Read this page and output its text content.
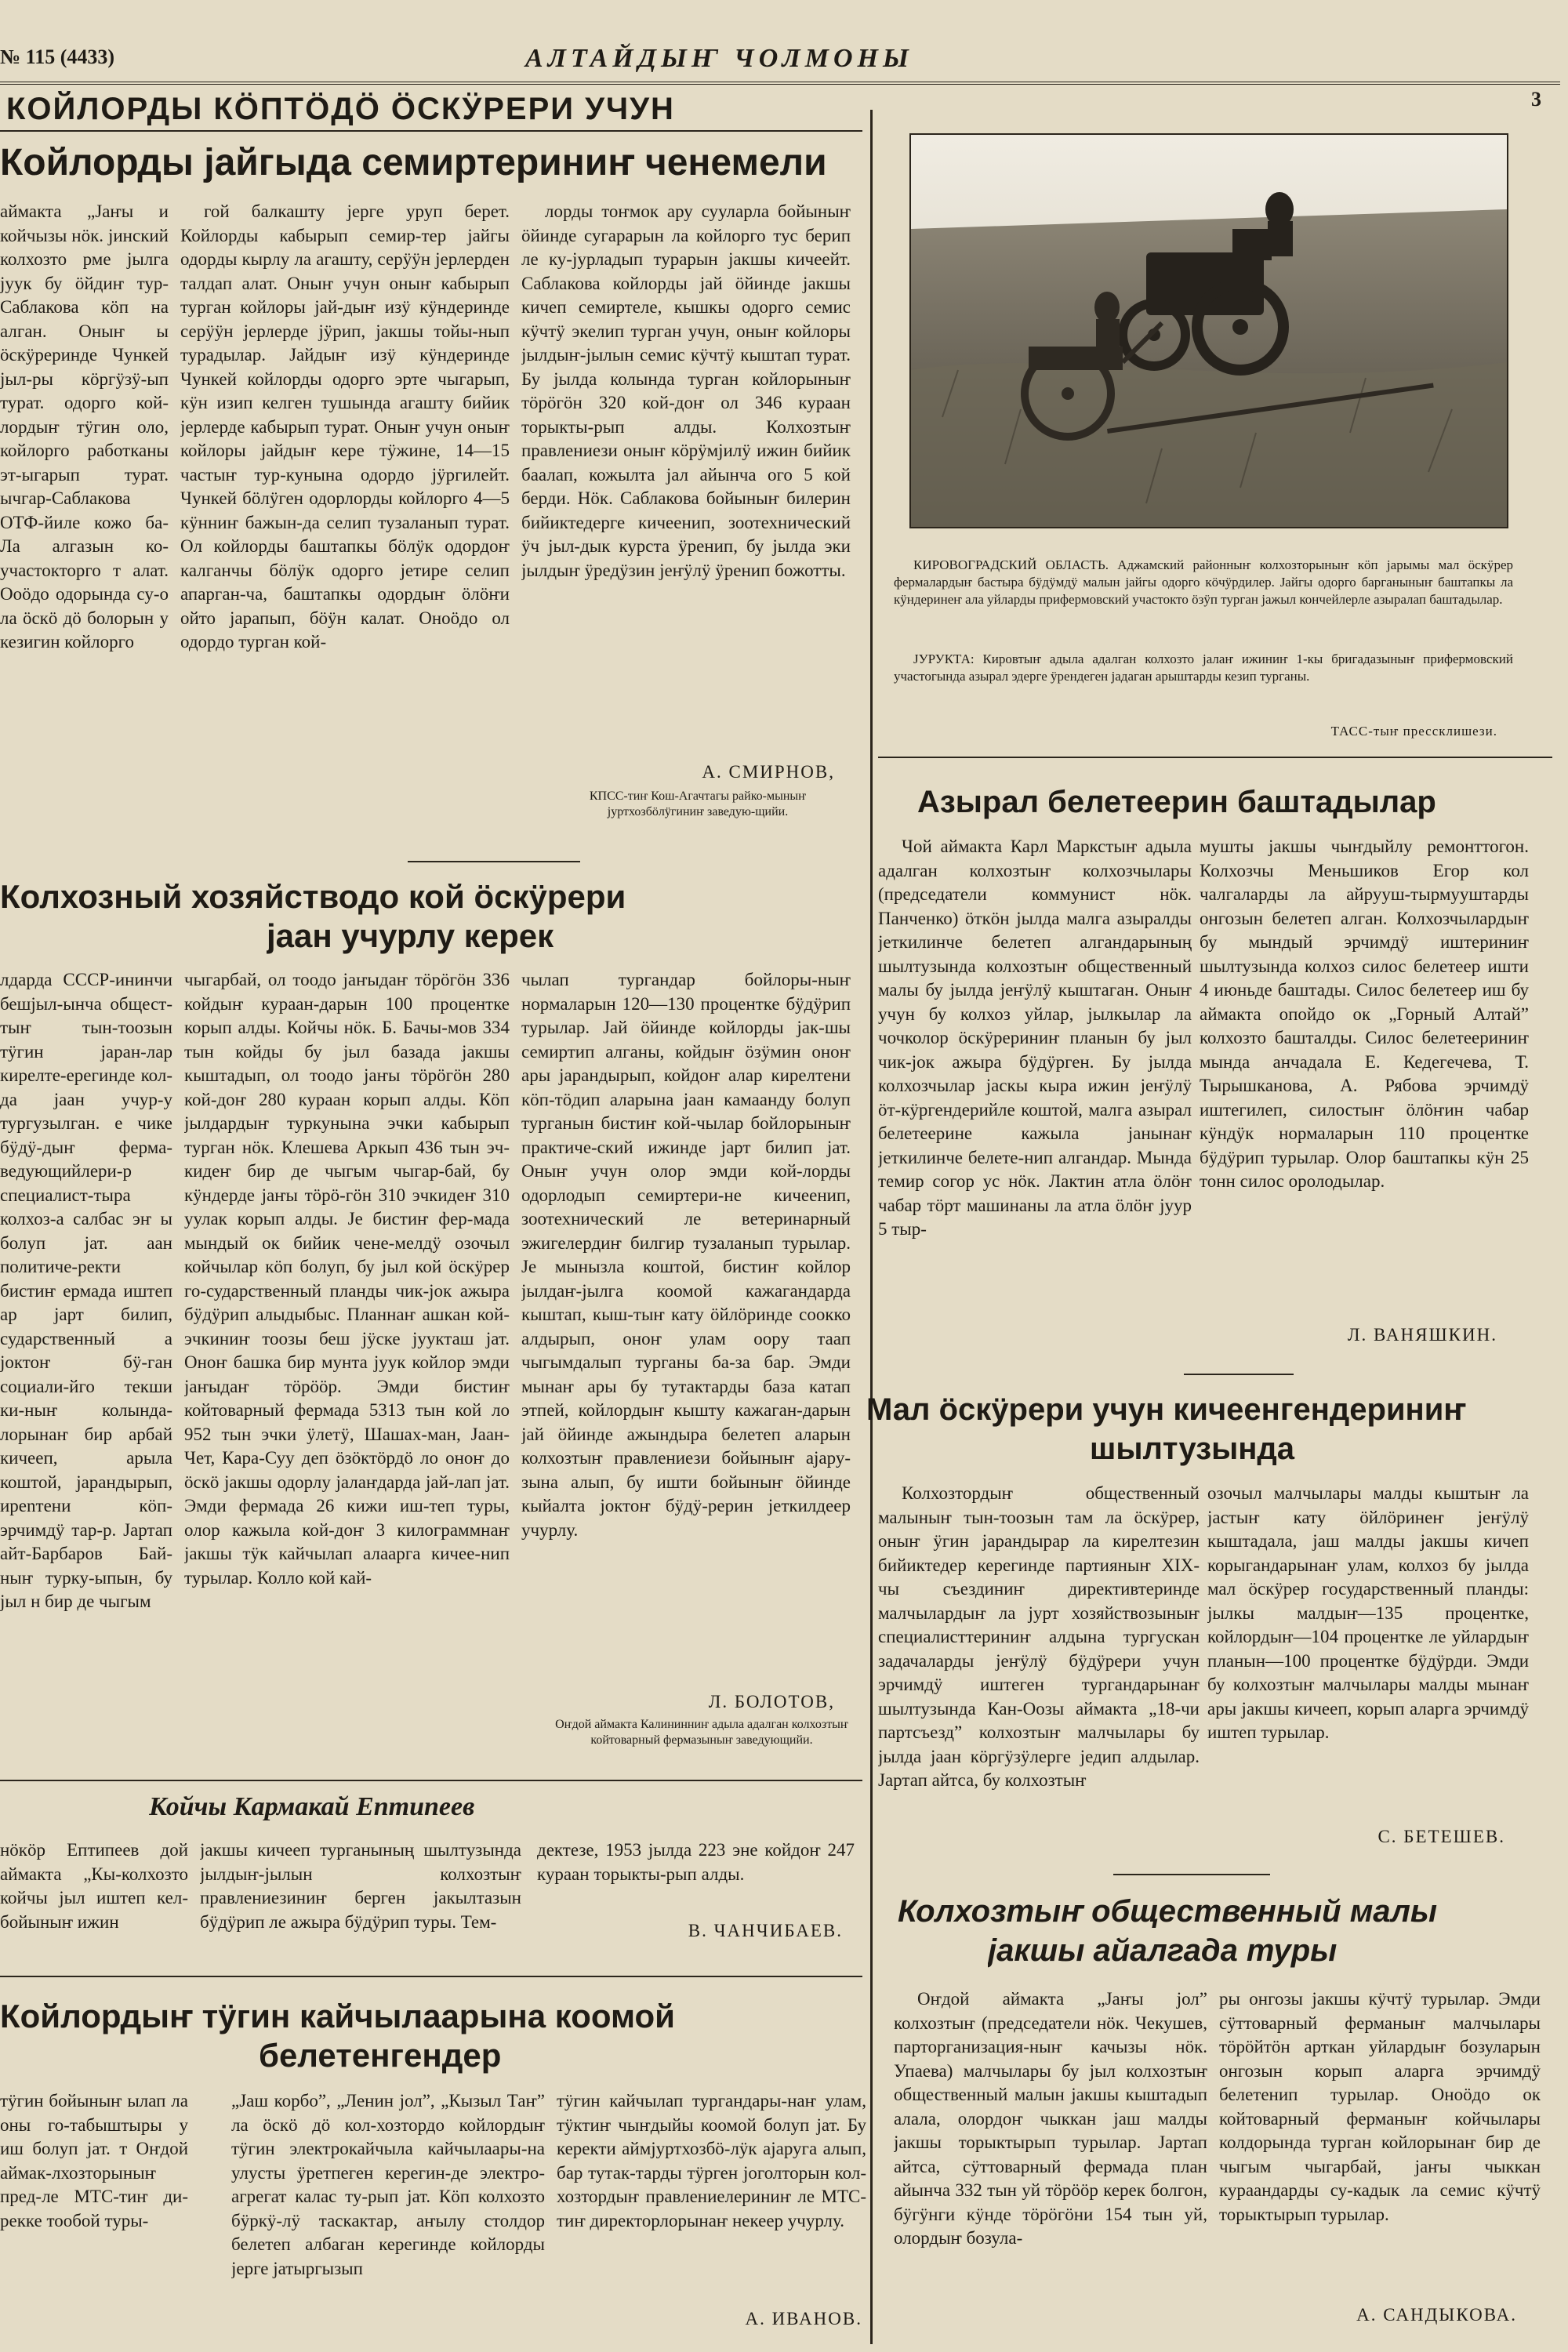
№ 115 (4433)	АЛТАЙДЫҤ ЧОЛМОНЫ
3
КОЙЛОРДЫ КӦПТӦДӦ ӦСКӰРЕРИ УЧУН
Койлорды jайгыда семиртериниҥ ченемели
аймакта „Jаҥы и койчызы нӧк. jинский колхозто рме jылга jуук бу ӧйдиҥ тур-Саблакова кӧп на алган. Оныҥ ы ӧскӱреринде Чункей jыл-ры кӧргӱзӱ-ып турат. одорго кой-лордыҥ тӱгин оло, койлорго работканы эт-ыгарып турат. ычгар-Саблакова ОТФ-йиле кожо ба-Ла алгазын ко-участокторго т алат. Ооӧдо одорында су-о ла ӧскӧ дӧ болорын у кезигин койлорго
гой балкашту jерге уруп берет. Койлорды кабырып семир-тер jайгы одорды кырлу ла агашту, серӱӱн jерлерден талдап алат. Оныҥ учун оныҥ кабырып турган койлоры jай-дыҥ изӱ кӱндеринде серӱӱн jерлерде jӱрип, jакшы тойы-нып турадылар. Jайдыҥ изӱ кӱндеринде Чункей койлорды одорго эрте чыгарып, кӱн изип келген тушында агашту бийик jерлерде кабырып турат. Оныҥ учун оныҥ койлоры jайдыҥ кере тӱжине, 14—15 частыҥ тур-кунына одордо jӱргилейт. Чункей бӧлӱген одорлорды койлорго 4—5 кӱнниҥ бажын-да селип тузаланып турат. Ол койлорды баштапкы бӧлӱк одордоҥ калганчы бӧлӱк одорго jетире селип апарган-ча, баштапкы одордыҥ ӧлӧҥи ойто jарапып, бӧӱн калат. Оноӧдо ол одордо турган кой-
лорды тоҥмок ару сууларла бойыныҥ ӧйинде сугарарын ла койлорго тус берип ле ку-jурладып турарын jакшы кичеейт. Саблакова койлорды jай ӧйинде jакшы кичеп семиртеле, кышкы одорго семис кӱчтӱ экелип турган учун, оныҥ койлоры jылдыҥ-jылын семис кӱчтӱ кыштап турат. Бу jылда колында турган койлорыныҥ тӧрӧгӧн 320 кой-доҥ ол 346 кураан торыкты-рып алды. Колхозтыҥ правлениези оныҥ кӧрӱмjилӱ ижин бийик баалап, кожылта jал айынча ого 5 кой берди. Нӧк. Саблакова бойыныҥ билерин бийиктедерге кичеенип, зоотехнический ӱч jыл-дык курста ӱренип, бу jылда эки jылдыҥ ӱредӱзин jеҥӱлӱ ӱренип божотты.
А. СМИРНОВ,
КПСС-тиҥ Кош-Агачтагы райко-мыныҥ jуртхозбӧлӱгиниҥ заведую-щийи.
Колхозный хозяйстводо кой ӧскӱрери
jаан учурлу керек
лдарда СССР-ининчи бешjыл-ынча общест-тыҥ тын-тоозын тӱгин jаран-лар кирелте-ерегинде кол-да jаан учур-у тургузылган. е чике бӱдӱ-дыҥ ферма-ведующийлери-р специалист-тыра колхоз-а салбас эҥ ы болуп jат. аан политиче-ректи бистиҥ ермада иштеп ар jарт билип, сударственный а jоктоҥ бӱ-ган социали-йго текши ки-ныҥ колында-лорынаҥ бир арбай кичееп, арыла коштой, jарандырып, иреnтени кӧп-эрчимдӱ тар-р. Jартап айт-Барбаров Бай-ныҥ турку-ыпын, бу jыл н бир де чыгым
чыгарбай, ол тоодо jаҥыдаҥ тӧрӧгӧн 336 койдыҥ кураан-дарын 100 процентке корып алды. Койчы нӧк. Б. Бачы-мов 334 тын койды бу jыл базада jакшы кыштадып, ол тоодо jаҥы тӧрӧгӧн 280 кой-доҥ 280 кураан корып алды. Кӧп jылдардыҥ туркунына эчки кабырып турган нӧк. Клешева Аркып 436 тын эч-кидеҥ бир де чыгым чыгар-бай, бу кӱндерде jаҥы тӧрӧ-гӧн 310 эчкидеҥ 310 уулак корып алды. Jе бистиҥ фер-мада мындый ок бийик чене-мелдӱ озочыл койчылар кӧп болуп, бу jыл кой ӧскӱрер го-сударственный планды чик-jок ажыра бӱдӱрип алыдыбыс. Планнаҥ ашкан кой-эчкиниҥ тоозы беш jӱске jуукташ jат. Оноҥ башка бир мунта jуук койлор эмди jаҥыдаҥ тӧрӧӧр. Эмди бистиҥ койтоварный фермада 5313 тын кой ло 952 тын эчки ӱлетӱ, Шашах-ман, Jаан-Чет, Кара-Суу деп ӧзӧктӧрдӧ ло оноҥ до ӧскӧ jакшы одорлу jалаҥдарда jай-лап jат. Эмди фермада 26 кижи иш-теп туры, олор кажыла кой-доҥ 3 килограммнаҥ jакшы тӱк кайчылап алаарга кичее-нип турылар. Колло кой кай-
чылап тургандар бойлоры-ныҥ нормаларын 120—130 процентке бӱдӱрип турылар. Jай ӧйинде койлорды jак-шы семиртип алганы, койдыҥ ӧзӱмин оноҥ ары jарандырып, койдоҥ алар кирелтени кӧп-тӧдип аларына jаан камаанду болуп турганын бистиҥ кой-чылар бойлорыныҥ практиче-ский ижинде jарт билип jат. Оныҥ учун олор эмди кой-лорды одорлодып семиртери-не кичеенип, зоотехнический ле ветеринарный эжигелердиҥ билгир тузаланып турылар. Jе мынызла коштой, бистиҥ койлор jылдаҥ-jылга коомой кажагандарда кыштап, кыш-тыҥ кату ӧйлӧринде соокко алдырып, оноҥ улам оору таап чыгымдалып турганы ба-за бар. Эмди мынаҥ ары бу тутактарды база катап этпей, койлордыҥ кышту кажаган-дарын jай ӧйинде ажындыра белетеп аларын колхозтыҥ правлениези бойыныҥ ajару-зына алып, бу ишти бойыныҥ ӧйинде кыйалта jоктоҥ бӱдӱ-рерин jеткилдеер учурлу.
Л. БОЛОТОВ,
Оҥдой аймакта Калининниҥ адыла адалган колхозтыҥ койтоварный фермазыныҥ заведующийи.
Койчы Кармакай Ептипеев
нӧкӧр Ептипеев дой аймакта „Кы-колхозто койчы jыл иштеп кел-бойыныҥ ижин
jакшы кичееп турганының шылтузында jылдыҥ-jылын колхозтыҥ правлениезиниҥ берген jакылтазын бӱдӱрип ле ажыра бӱдӱрип туры. Тем-
дектезе, 1953 jылда 223 эне койдоҥ 247 кураан торыкты-рып алды.
В. ЧАНЧИБАЕВ.
Койлордыҥ тӱгин кайчылаарына коомой
белетенгендер
тӱгин бойыныҥ ылап ла оны го-табыштыры у иш болуп jат. т Оҥдой аймак-лхозторыныҥ пред-ле МТС-тиҥ ди-рекке тообой туры-
„Jаш корбо”, „Ленин jол”, „Кызыл Таҥ” ла ӧскӧ дӧ кол-хозтордо койлордыҥ тӱгин электрокайчыла кайчылаары-на улусты ӱретпеген керегин-де электро-агрегат калас ту-рып jат. Кӧп колхозто бӱркӱ-лӱ таскактар, аҥылу столдор белетеп албаган керегинде койлорды jерге jатыргызып
тӱгин кайчылап тургандары-наҥ улам, тӱктиҥ чыҥдыйы коомой болуп jат. Бу керекти аймjуртхозбӧ-лӱк ajаруга алып, бар тутак-тарды тӱрген jоголторын кол-хозтордыҥ правлениелериниҥ ле МТС-тиҥ директорлорынаҥ некеер учурлу.
А. ИВАНОВ.
КИРОВОГРАДСКИЙ ОБЛАСТЬ. Аджамский районныҥ колхозторыныҥ кӧп jарымы мал ӧскӱрер фермалардыҥ бастыра бӱдӱмдӱ малын jайгы одорго кӧчӱрдилер. Jайгы одорго барганыныҥ баштапкы ла кӱндеринеҥ ала уйларды прифермовский участокто ӧзӱп турган jажыл кончейлерле азыралап баштадылар.
JУРУКТА: Кировтыҥ адыла адалган колхозто jалаҥ ижиниҥ 1-кы бригадазыныҥ прифермовский участогында азырал эдерге ӱрендеген jадаган арыштарды кезип турганы.
ТАСС-тыҥ прессклишези.
Азырал белетеерин баштадылар
Чой аймакта Карл Маркстыҥ адыла адалган колхозтыҥ колхозчылары (председатели коммунист нӧк. Панченко) ӧткӧн jылда малга азыралды jеткилинче белетеп алгандарының шылтузында колхозтыҥ общественный малы бу jылда jеҥӱлӱ кыштаган. Оныҥ учун бу колхоз уйлар, jылкылар ла чочколор ӧскӱрериниҥ планын бу jыл чик-jок ажыра бӱдӱрген. Бу jылда колхозчылар jаскы кыра ижин jеҥӱлӱ ӧт-кӱргендерийле коштой, малга азырал белетеерине кажыла jанынаҥ jеткилинче белете-нип алгандар. Мында темир согор ус нӧк. Лактин атла ӧлӧҥ чабар тӧрт машинаны ла атла ӧлӧҥ jуур 5 тыр-
мушты jакшы чыҥдыйлу ремонттогон. Колхозчы Меньшиков Егор кол чалгаларды ла айрууш-тырмууштарды онгозын белетеп алган. Колхозчылардыҥ бу мындый эрчимдӱ иштериниҥ шылтузында колхоз силос белетеер ишти 4 июньде баштады. Силос белетеер иш бу аймакта опойдо ок „Горный Алтай” колхозто башталды. Силос белетеериниҥ мында анчадала Е. Кедегечева, Т. Тырышканова, А. Рябова эрчимдӱ иштегилеп, силостыҥ ӧлӧҥин чабар кӱндӱк нормаларын 110 процентке бӱдӱрип турылар. Олор баштапкы кӱн 25 тонн силос оролодылар.
Л. ВАНЯШКИН.
Мал ӧскӱрери учун кичеенгендериниҥ
шылтузында
Колхозтордыҥ общественный малыныҥ тын-тоозын там ла ӧскӱрер, оныҥ ӱгин jарандырар ла кирелтезин бийиктедер керегинде партияныҥ XIX-чы съездиниҥ директивтеринде малчылардыҥ ла jурт хозяйствозыныҥ специалисттериниҥ алдына тургускан задачаларды jеҥӱлӱ бӱдӱрери учун эрчимдӱ иштеген тургандарынаҥ шылтузында Кан-Оозы аймакта „18-чи партсъезд” колхозтыҥ малчылары бу jылда jаан кӧргӱзӱлерге jедип алдылар. Jартап айтса, бу колхозтыҥ
озочыл малчылары малды кыштыҥ ла jастыҥ кату ӧйлӧринеҥ jеҥӱлӱ кыштадала, jаш малды jакшы кичеп корыгандарынаҥ улам, колхоз бу jылда мал ӧскӱрер государственный планды: jылкы малдыҥ—135 процентке, койлордыҥ—104 процентке ле уйлардыҥ планын—100 процентке бӱдӱрди. Эмди бу колхозтыҥ малчылары малды мынаҥ ары jакшы кичееп, корып аларга эрчимдӱ иштеп турылар.
С. БЕТЕШЕВ.
Колхозтыҥ общественный малы
jакшы айалгада туры
Оҥдой аймакта „Jаҥы jол” колхозтыҥ (председатели нӧк. Чекушев, парторганизация-ныҥ качызы нӧк. Упаева) малчылары бу jыл колхозтыҥ общественный малын jакшы кыштадып алала, олордоҥ чыккан jаш малды jакшы торыктырып турылар. Jартап айтса, сӱттоварный фермада план айынча 332 тын уй тӧрӧӧр керек болгон, бӱгӱнги кӱнде тӧрӧгӧни 154 тын уй, олордыҥ бозула-
ры онгозы jакшы кӱчтӱ турылар. Эмди сӱттоварный ферманыҥ малчылары тӧрӧйтӧн арткан уйлардыҥ бозуларын онгозын корып аларга эрчимдӱ белетенип турылар. Оноӧдо ок койтоварный ферманыҥ койчылары колдорында турган койлорынаҥ бир де чыгым чыгарбай, jаҥы чыккан кураандарды су-кадык ла семис кӱчтӱ торыктырып турылар.
А. САНДЫКОВА.
